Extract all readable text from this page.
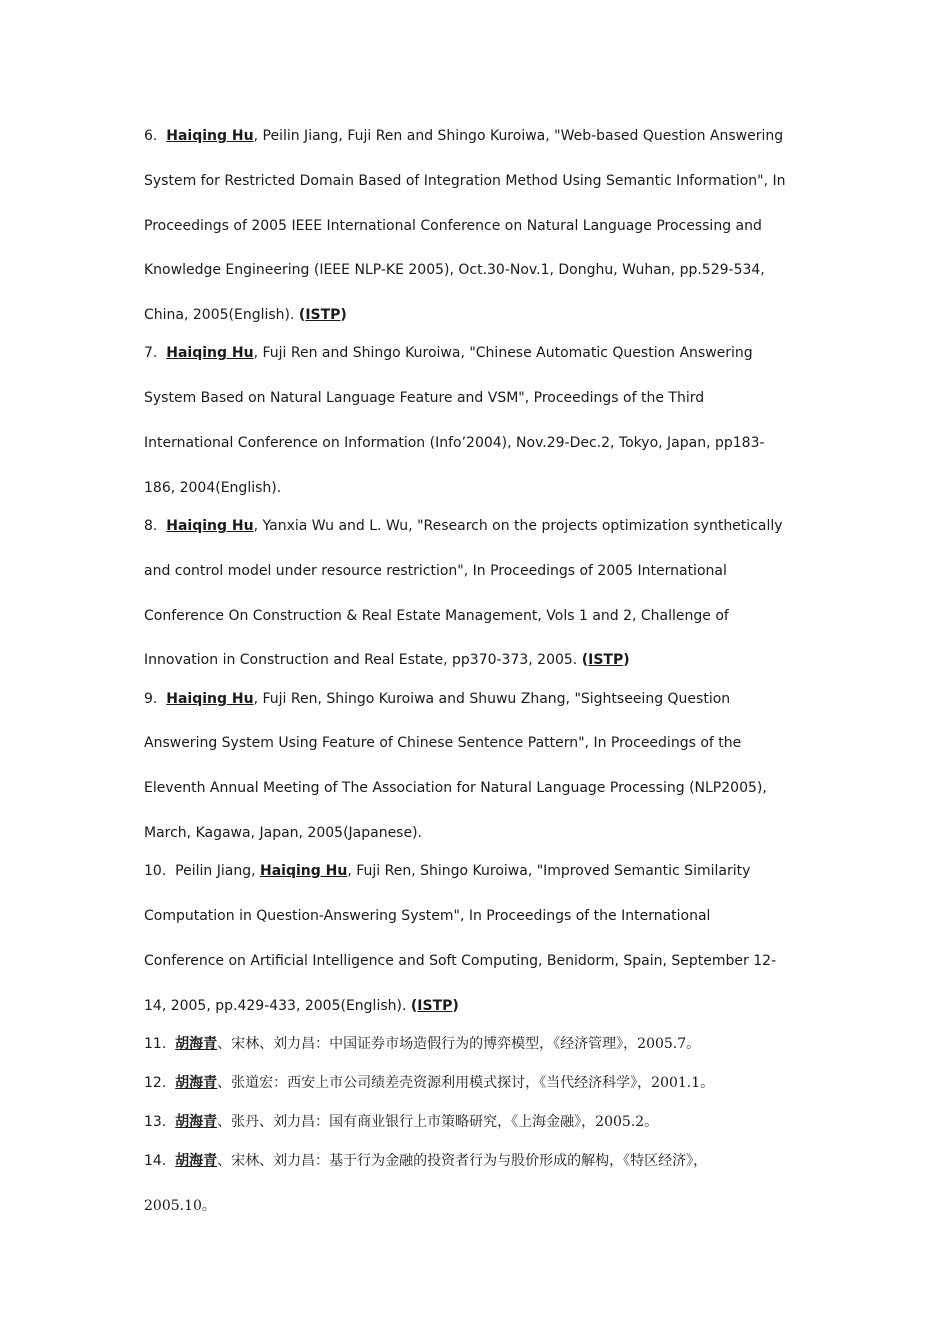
6. Haiqing Hu, Peilin Jiang, Fuji Ren and Shingo Kuroiwa, "Web-based Question Answering
System for Restricted Domain Based of Integration Method Using Semantic Information", In
Proceedings of 2005 IEEE International Conference on Natural Language Processing and
Knowledge Engineering (IEEE NLP-KE 2005), Oct.30-Nov.1, Donghu, Wuhan, pp.529-534,
China, 2005(English). (ISTP)
7. Haiqing Hu, Fuji Ren and Shingo Kuroiwa, "Chinese Automatic Question Answering
System Based on Natural Language Feature and VSM", Proceedings of the Third
International Conference on Information (Info’2004), Nov.29-Dec.2, Tokyo, Japan, pp183-
186, 2004(English).
8. Haiqing Hu, Yanxia Wu and L. Wu, "Research on the projects optimization synthetically
and control model under resource restriction", In Proceedings of 2005 International
Conference On Construction & Real Estate Management, Vols 1 and 2, Challenge of
Innovation in Construction and Real Estate, pp370-373, 2005. (ISTP)
9. Haiqing Hu, Fuji Ren, Shingo Kuroiwa and Shuwu Zhang, "Sightseeing Question
Answering System Using Feature of Chinese Sentence Pattern", In Proceedings of the
Eleventh Annual Meeting of The Association for Natural Language Processing (NLP2005),
March, Kagawa, Japan, 2005(Japanese).
10. Peilin Jiang, Haiqing Hu, Fuji Ren, Shingo Kuroiwa, "Improved Semantic Similarity
Computation in Question-Answering System", In Proceedings of the International
Conference on Artificial Intelligence and Soft Computing, Benidorm, Spain, September 12-
14, 2005, pp.429-433, 2005(English). (ISTP)
11. 胡海青、宋林、刘力昌：中国证券市场造假行为的博弈模型，《经济管理》，2005.7。
12. 胡海青、张道宏：西安上市公司绩差壳资源利用模式探讨，《当代经济科学》，2001.1。
13. 胡海青、张丹、刘力昌：国有商业银行上市策略研究，《上海金融》，2005.2。
14. 胡海青、宋林、刘力昌：基于行为金融的投资者行为与股价形成的解构，《特区经济》，
2005.10。
